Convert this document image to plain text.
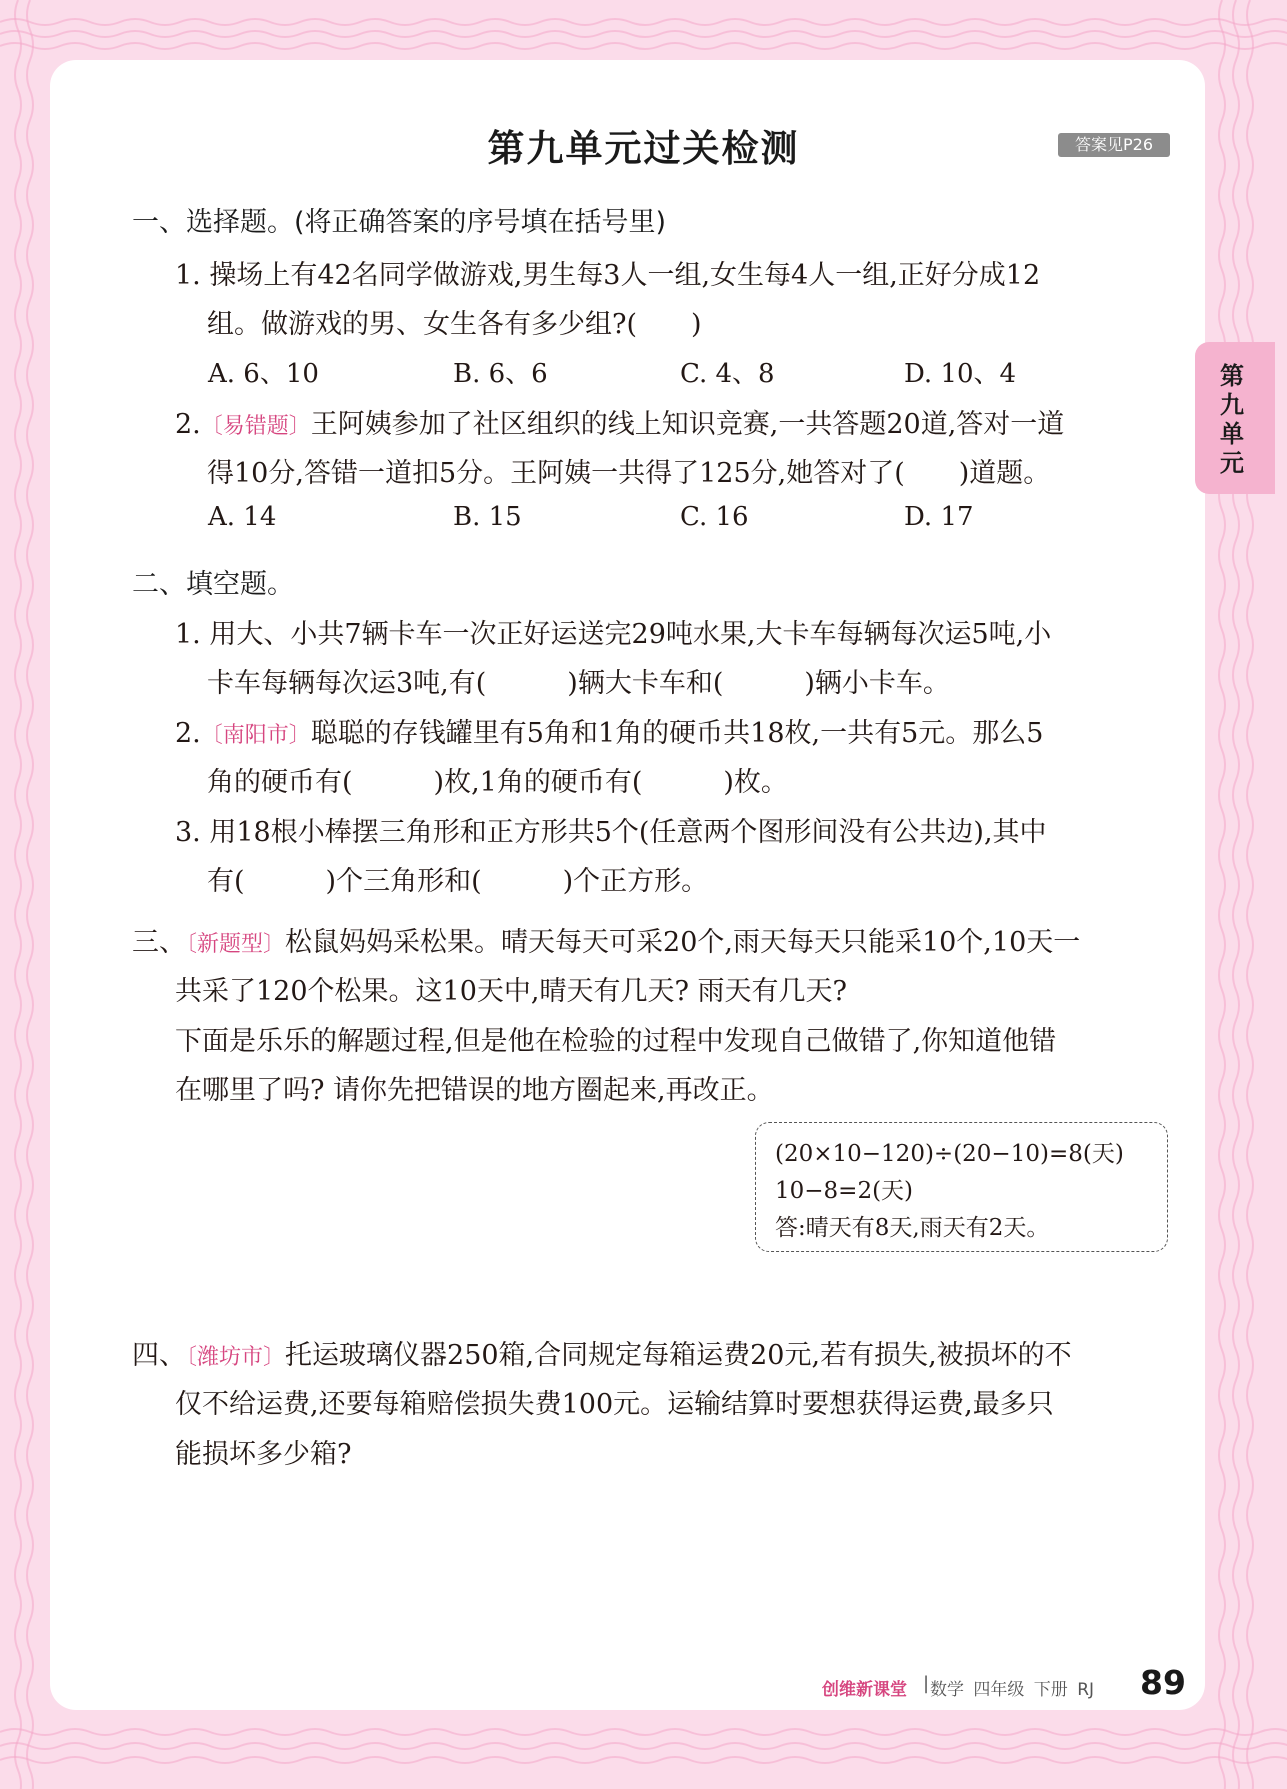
第九单元过关检测	答案见P26
第九单元
一、选择题。(将正确答案的序号填在括号里)
1. 操场上有42名同学做游戏,男生每3人一组,女生每4人一组,正好分成12
组。做游戏的男、女生各有多少组?(　　)
A. 6、10	B. 6、6	C. 4、8	D. 10、4
2.〔易错题〕王阿姨参加了社区组织的线上知识竞赛,一共答题20道,答对一道
得10分,答错一道扣5分。王阿姨一共得了125分,她答对了(　　)道题。
A. 14	B. 15	C. 16	D. 17
二、填空题。
1. 用大、小共7辆卡车一次正好运送完29吨水果,大卡车每辆每次运5吨,小
卡车每辆每次运3吨,有(　　　)辆大卡车和(　　　)辆小卡车。
2.〔南阳市〕聪聪的存钱罐里有5角和1角的硬币共18枚,一共有5元。那么5
角的硬币有(　　　)枚,1角的硬币有(　　　)枚。
3. 用18根小棒摆三角形和正方形共5个(任意两个图形间没有公共边),其中
有(　　　)个三角形和(　　　)个正方形。
三、〔新题型〕松鼠妈妈采松果。晴天每天可采20个,雨天每天只能采10个,10天一
共采了120个松果。这10天中,晴天有几天? 雨天有几天?
下面是乐乐的解题过程,但是他在检验的过程中发现自己做错了,你知道他错
在哪里了吗? 请你先把错误的地方圈起来,再改正。
(20×10−120)÷(20−10)=8(天)
10−8=2(天)
答:晴天有8天,雨天有2天。
四、〔潍坊市〕托运玻璃仪器250箱,合同规定每箱运费20元,若有损失,被损坏的不
仅不给运费,还要每箱赔偿损失费100元。运输结算时要想获得运费,最多只
能损坏多少箱?
创维新课堂 | 数学 四年级 下册 RJ 89
